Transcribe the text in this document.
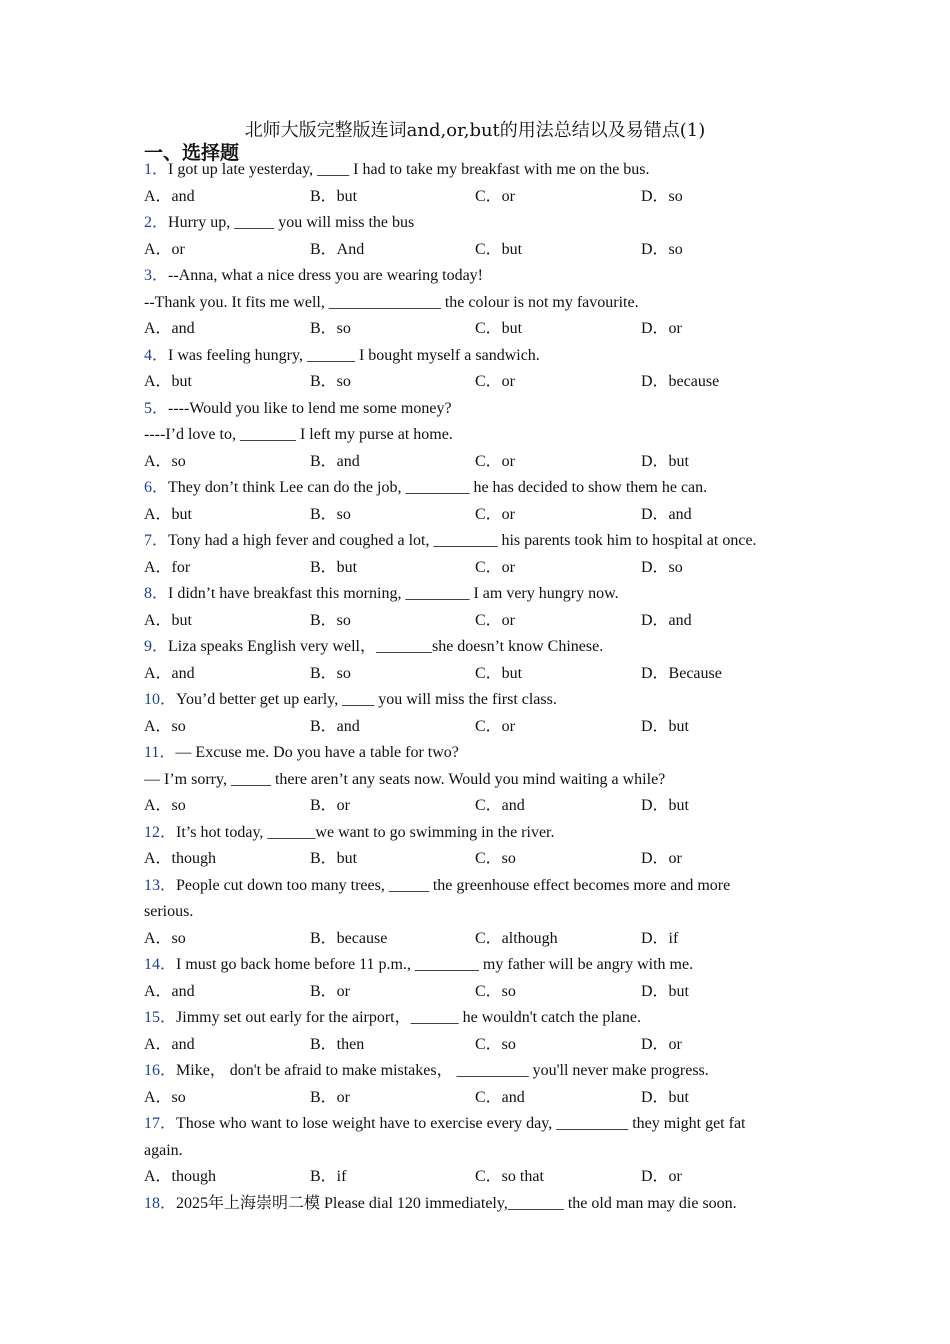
北师大版完整版连词and,or,but的用法总结以及易错点(1)
一、选择题
1．I got up late yesterday, ____ I had to take my breakfast with me on the bus.
A．and	B．but	C．or	D．so
2．Hurry up, _____ you will miss the bus
A．or	B．And	C．but	D．so
3．--Anna, what a nice dress you are wearing today!
--Thank you. It fits me well, ______________ the colour is not my favourite.
A．and	B．so	C．but	D．or
4．I was feeling hungry, ______ I bought myself a sandwich.
A．but	B．so	C．or	D．because
5．----Would you like to lend me some money?
----I’d love to, _______ I left my purse at home.
A．so	B．and	C．or	D．but
6．They don’t think Lee can do the job, ________ he has decided to show them he can.
A．but	B．so	C．or	D．and
7．Tony had a high fever and coughed a lot, ________ his parents took him to hospital at once.
A．for	B．but	C．or	D．so
8．I didn’t have breakfast this morning, ________ I am very hungry now.
A．but	B．so	C．or	D．and
9．Liza speaks English very well，_______she doesn’t know Chinese.
A．and	B．so	C．but	D．Because
10．You’d better get up early, ____ you will miss the first class.
A．so	B．and	C．or	D．but
11．— Excuse me. Do you have a table for two?
— I’m sorry, _____ there aren’t any seats now. Would you mind waiting a while?
A．so	B．or	C．and	D．but
12．It’s hot today, ______we want to go swimming in the river.
A．though	B．but	C．so	D．or
13．People cut down too many trees, _____ the greenhouse effect becomes more and more
serious.
A．so	B．because	C．although	D．if
14．I must go back home before 11 p.m., ________ my father will be angry with me.
A．and	B．or	C．so	D．but
15．Jimmy set out early for the airport，______ he wouldn't catch the plane.
A．and	B．then	C．so	D．or
16．Mike， don't be afraid to make mistakes， _________ you'll never make progress.
A．so	B．or	C．and	D．but
17．Those who want to lose weight have to exercise every day, _________ they might get fat
again.
A．though	B．if	C．so that	D．or
18．2025年上海崇明二模 Please dial 120 immediately,_______ the old man may die soon.
